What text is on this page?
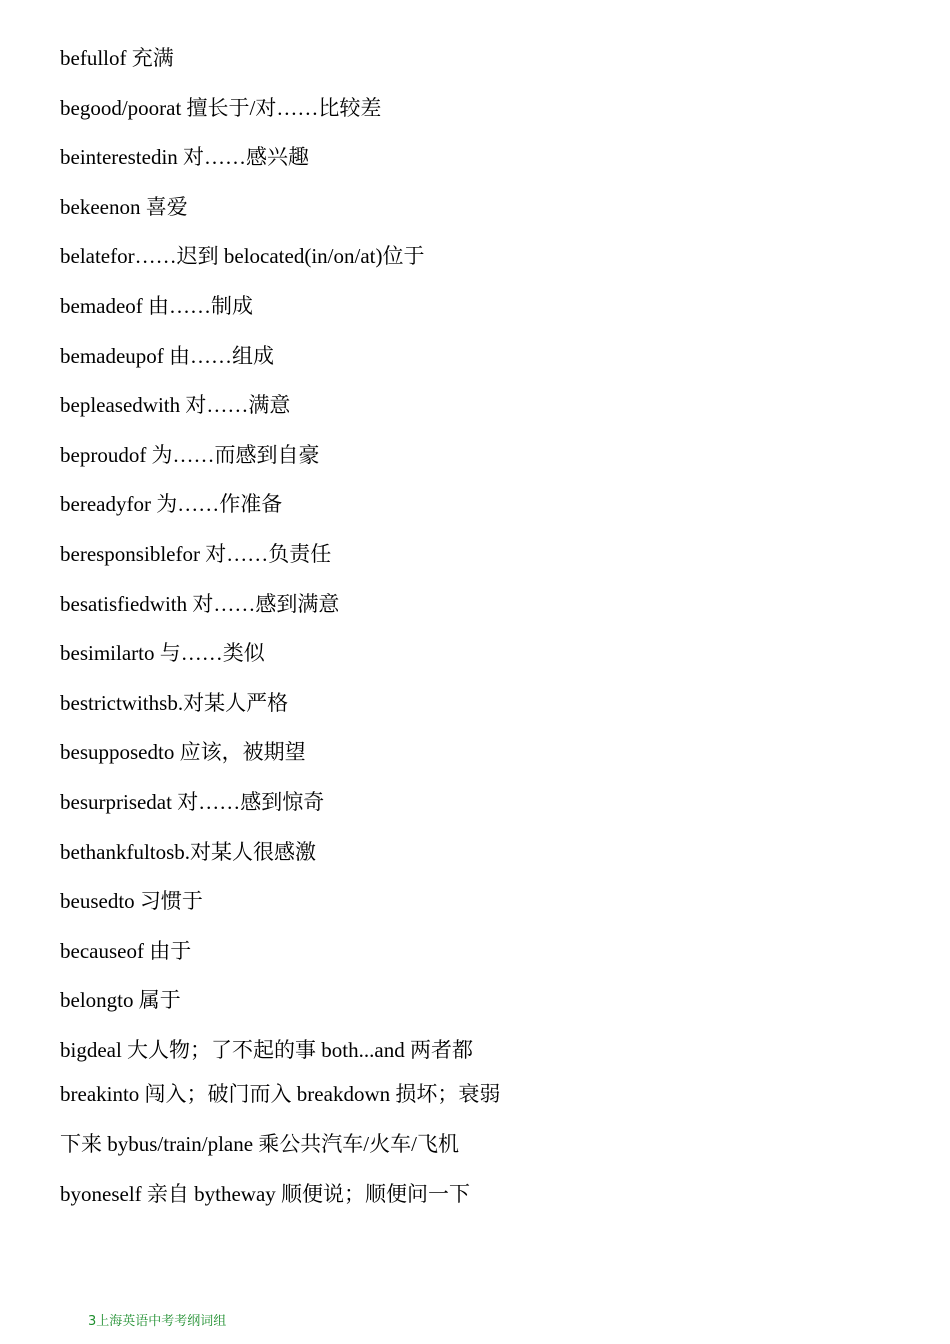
befullof 充满
begood/poorat 擅长于/对……比较差
beinterestedin 对……感兴趣
bekeenon 喜爱
belatefor……迟到 belocated(in/on/at)位于
bemadeof 由……制成
bemadeupof 由……组成
bepleasedwith 对……满意
beproudof 为……而感到自豪
bereadyfor 为……作准备
beresponsiblefor 对……负责任
besatisfiedwith 对……感到满意
besimilarto 与……类似
bestrictwithsb.对某人严格
besupposedto 应该，被期望
besurprisedat 对……感到惊奇
bethankfultosb.对某人很感激
beusedto 习惯于
becauseof 由于
belongto 属于
bigdeal 大人物；了不起的事 both...and 两者都
breakinto 闯入；破门而入 breakdown 损坏；衰弱
下来 bybus/train/plane 乘公共汽车/火车/飞机
byoneself 亲自 bytheway 顺便说；顺便问一下
3上海英语中考考纲词组
